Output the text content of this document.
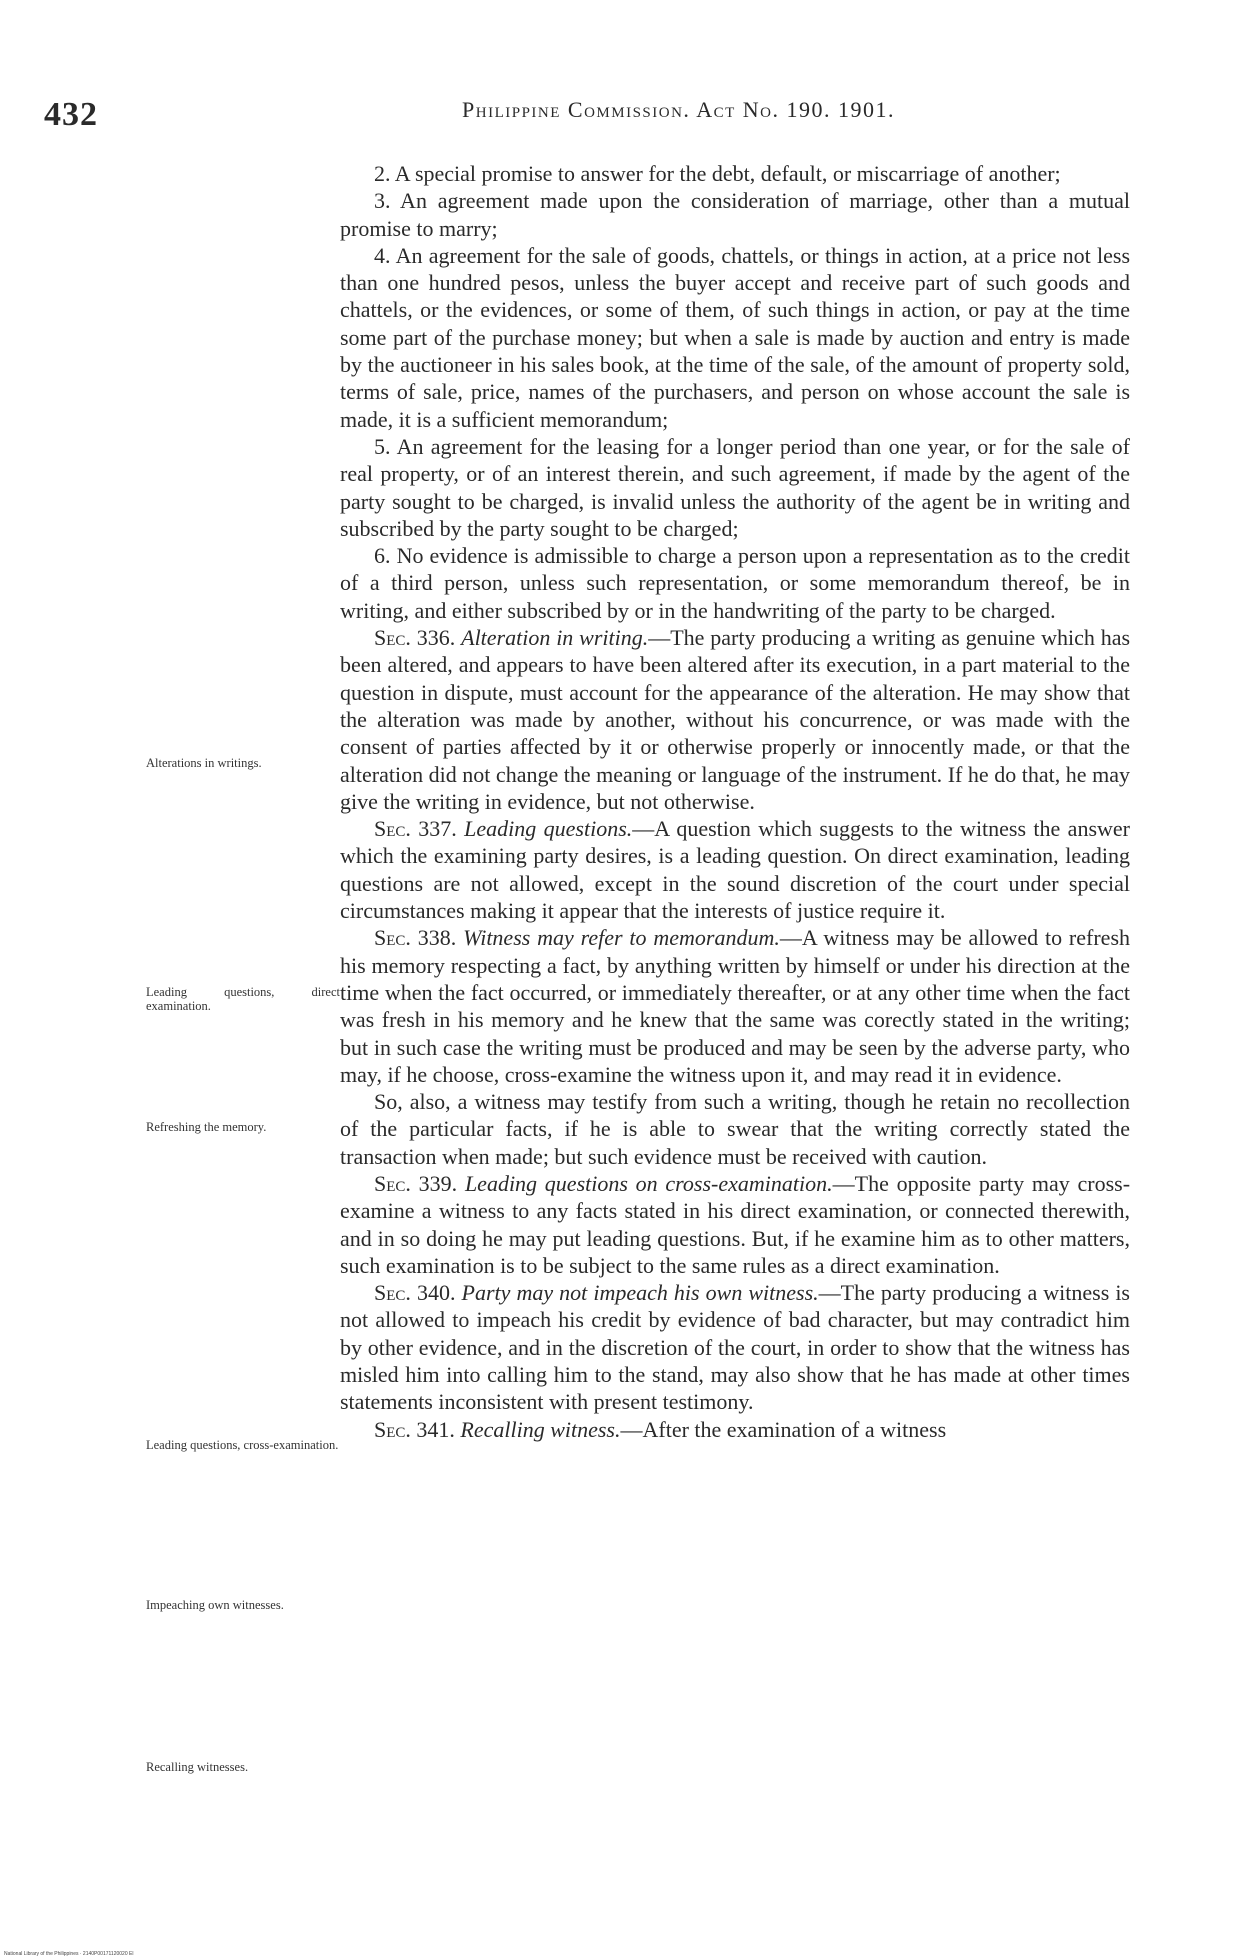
432	Philippine Commission. Act No. 190. 1901.
Alterations in writings.
Leading questions, direct examination.
Refreshing the memory.
Leading questions, cross-examination.
Impeaching own witnesses.
Recalling witnesses.

2. A special promise to answer for the debt, default, or miscarriage of another;

3. An agreement made upon the consideration of marriage, other than a mutual promise to marry;

4. An agreement for the sale of goods, chattels, or things in action, at a price not less than one hundred pesos, unless the buyer accept and receive part of such goods and chattels, or the evidences, or some of them, of such things in action, or pay at the time some part of the purchase money; but when a sale is made by auction and entry is made by the auctioneer in his sales book, at the time of the sale, of the amount of property sold, terms of sale, price, names of the purchasers, and person on whose account the sale is made, it is a sufficient memorandum;

5. An agreement for the leasing for a longer period than one year, or for the sale of real property, or of an interest therein, and such agreement, if made by the agent of the party sought to be charged, is invalid unless the authority of the agent be in writing and subscribed by the party sought to be charged;

6. No evidence is admissible to charge a person upon a representation as to the credit of a third person, unless such representation, or some memorandum thereof, be in writing, and either subscribed by or in the handwriting of the party to be charged.

Sec. 336. Alteration in writing.—The party producing a writing as genuine which has been altered, and appears to have been altered after its execution, in a part material to the question in dispute, must account for the appearance of the alteration. He may show that the alteration was made by another, without his concurrence, or was made with the consent of parties affected by it or otherwise properly or innocently made, or that the alteration did not change the meaning or language of the instrument. If he do that, he may give the writing in evidence, but not otherwise.

Sec. 337. Leading questions.—A question which suggests to the witness the answer which the examining party desires, is a leading question. On direct examination, leading questions are not allowed, except in the sound discretion of the court under special circumstances making it appear that the interests of justice require it.

Sec. 338. Witness may refer to memorandum.—A witness may be allowed to refresh his memory respecting a fact, by anything written by himself or under his direction at the time when the fact occurred, or immediately thereafter, or at any other time when the fact was fresh in his memory and he knew that the same was corectly stated in the writing; but in such case the writing must be produced and may be seen by the adverse party, who may, if he choose, cross-examine the witness upon it, and may read it in evidence.

So, also, a witness may testify from such a writing, though he retain no recollection of the particular facts, if he is able to swear that the writing correctly stated the transaction when made; but such evidence must be received with caution.

Sec. 339. Leading questions on cross-examination.—The opposite party may cross-examine a witness to any facts stated in his direct examination, or connected therewith, and in so doing he may put leading questions. But, if he examine him as to other matters, such examination is to be subject to the same rules as a direct examination.

Sec. 340. Party may not impeach his own witness.—The party producing a witness is not allowed to impeach his credit by evidence of bad character, but may contradict him by other evidence, and in the discretion of the court, in order to show that the witness has misled him into calling him to the stand, may also show that he has made at other times statements inconsistent with present testimony.

Sec. 341. Recalling witness.—After the examination of a witness

National Library of the Philippines · 2140P00171120020 El
